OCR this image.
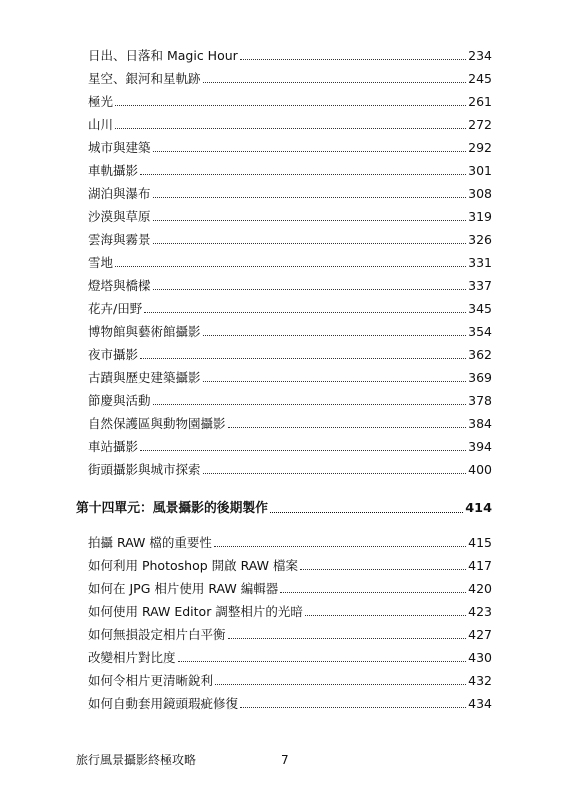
日出、日落和 Magic Hour	234
星空、銀河和星軌跡	245
極光	261
山川	272
城市與建築	292
車軌攝影	301
湖泊與瀑布	308
沙漠與草原	319
雲海與霧景	326
雪地	331
燈塔與橋樑	337
花卉/田野	345
博物館與藝術館攝影	354
夜市攝影	362
古蹟與歷史建築攝影	369
節慶與活動	378
自然保護區與動物園攝影	384
車站攝影	394
街頭攝影與城市探索	400
第十四單元：風景攝影的後期製作	414
拍攝 RAW 檔的重要性	415
如何利用 Photoshop 開啟 RAW 檔案	417
如何在 JPG 相片使用 RAW 編輯器	420
如何使用 RAW Editor 調整相片的光暗	423
如何無損設定相片白平衡	427
改變相片對比度	430
如何令相片更清晰銳利	432
如何自動套用鏡頭瑕疵修復	434
旅行風景攝影終極攻略	7
